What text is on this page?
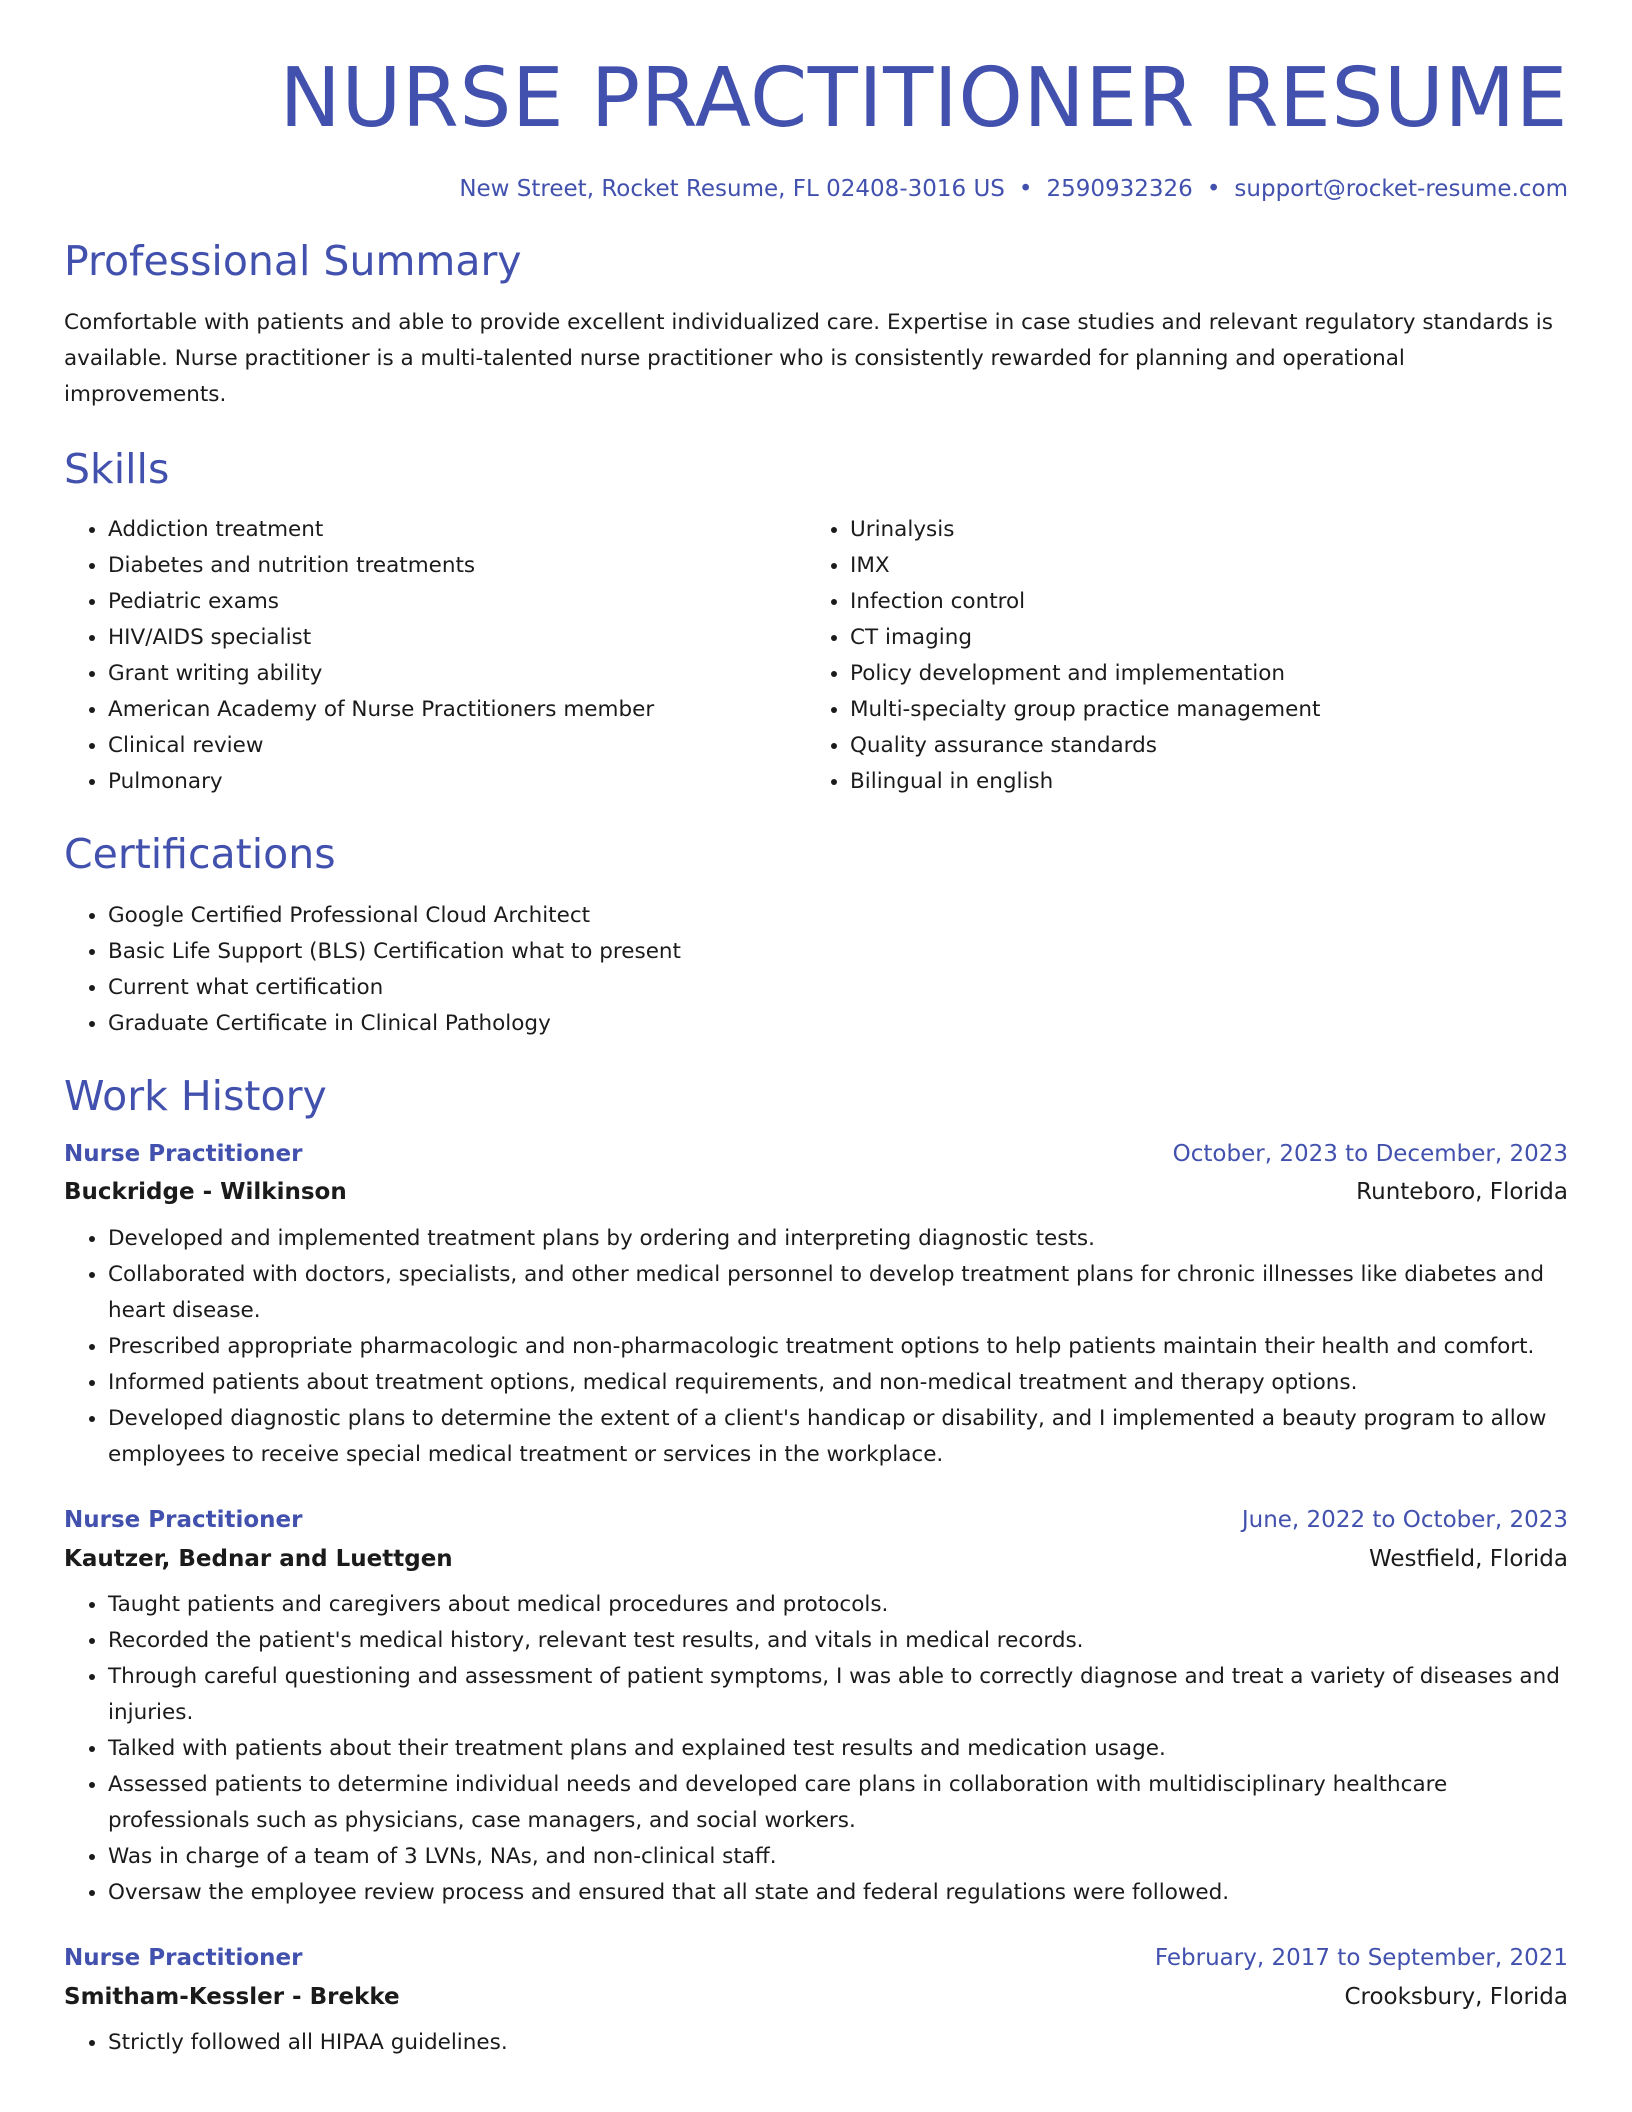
NURSE PRACTITIONER RESUME
New Street, Rocket Resume, FL 02408-3016 US • 2590932326 • support@rocket-resume.com
Professional Summary

Comfortable with patients and able to provide excellent individualized care. Expertise in case studies and relevant regulatory standards is available. Nurse practitioner is a multi-talented nurse practitioner who is consistently rewarded for planning and operational improvements.

Skills
• Addiction treatment
• Diabetes and nutrition treatments
• Pediatric exams
• HIV/AIDS specialist
• Grant writing ability
• American Academy of Nurse Practitioners member
• Clinical review
• Pulmonary
• Urinalysis
• IMX
• Infection control
• CT imaging
• Policy development and implementation
• Multi-specialty group practice management
• Quality assurance standards
• Bilingual in english
Certifications
• Google Certified Professional Cloud Architect
• Basic Life Support (BLS) Certification what to present
• Current what certification
• Graduate Certificate in Clinical Pathology
Work History
Nurse Practitioner	October, 2023 to December, 2023
Buckridge - Wilkinson	Runteboro, Florida
• Developed and implemented treatment plans by ordering and interpreting diagnostic tests.
• Collaborated with doctors, specialists, and other medical personnel to develop treatment plans for chronic illnesses like diabetes and heart disease.
• Prescribed appropriate pharmacologic and non-pharmacologic treatment options to help patients maintain their health and comfort.
• Informed patients about treatment options, medical requirements, and non-medical treatment and therapy options.
• Developed diagnostic plans to determine the extent of a client's handicap or disability, and I implemented a beauty program to allow employees to receive special medical treatment or services in the workplace.
Nurse Practitioner	June, 2022 to October, 2023
Kautzer, Bednar and Luettgen	Westfield, Florida
• Taught patients and caregivers about medical procedures and protocols.
• Recorded the patient's medical history, relevant test results, and vitals in medical records.
• Through careful questioning and assessment of patient symptoms, I was able to correctly diagnose and treat a variety of diseases and injuries.
• Talked with patients about their treatment plans and explained test results and medication usage.
• Assessed patients to determine individual needs and developed care plans in collaboration with multidisciplinary healthcare professionals such as physicians, case managers, and social workers.
• Was in charge of a team of 3 LVNs, NAs, and non-clinical staff.
• Oversaw the employee review process and ensured that all state and federal regulations were followed.
Nurse Practitioner	February, 2017 to September, 2021
Smitham-Kessler - Brekke	Crooksbury, Florida
• Strictly followed all HIPAA guidelines.
